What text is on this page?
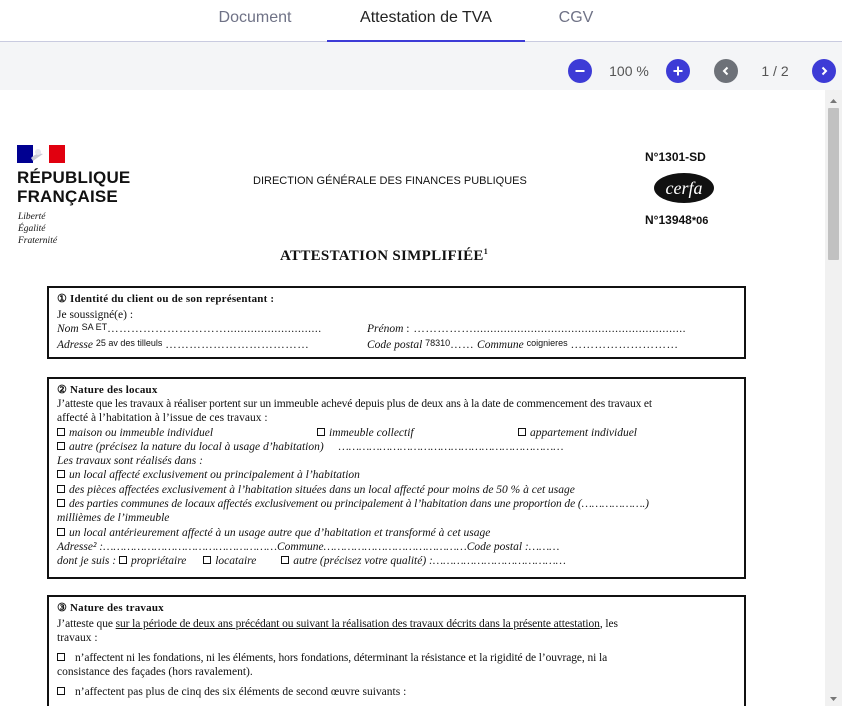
Document	Attestation de TVA	CGV
100 %	1 / 2
RÉPUBLIQUE
FRANÇAISE
Liberté
Égalité
Fraternité
DIRECTION GÉNÉRALE DES FINANCES PUBLIQUES
N°1301-SD
cerfa
N°13948*06
ATTESTATION SIMPLIFIÉE$^1$
① Identité du client ou de son représentant :
Je soussigné(e) :
Nom SA ET…………………………............................	Prénom : ……………...............................................................
Adresse 25 av des tilleuls ………………………………	Code postal 78310…… Commune coignieres ………………………
② Nature des locaux
J’atteste que les travaux à réaliser portent sur un immeuble achevé depuis plus de deux ans à la date de commencement des travaux et
affecté à l’habitation à l’issue de ces travaux :
maison ou immeuble individuel	immeuble collectif	appartement individuel
autre (précisez la nature du local à usage d’habitation) …………………………………………………………
Les travaux sont réalisés dans :
un local affecté exclusivement ou principalement à l’habitation
des pièces affectées exclusivement à l’habitation situées dans un local affecté pour moins de 50 % à cet usage
des parties communes de locaux affectés exclusivement ou principalement à l’habitation dans une proportion de (……………….)
millièmes de l’immeuble
un local antérieurement affecté à un usage autre que d’habitation et transformé à cet usage
Adresse² :……………………………………………Commune……………………………………Code postal :………
dont je suis : propriétaire	locataire	autre (précisez votre qualité) :…………………………………
③ Nature des travaux
J’atteste que sur la période de deux ans précédant ou suivant la réalisation des travaux décrits dans la présente attestation, les
travaux :
n’affectent ni les fondations, ni les éléments, hors fondations, déterminant la résistance et la rigidité de l’ouvrage, ni la
consistance des façades (hors ravalement).
n’affectent pas plus de cinq des six éléments de second œuvre suivants :
